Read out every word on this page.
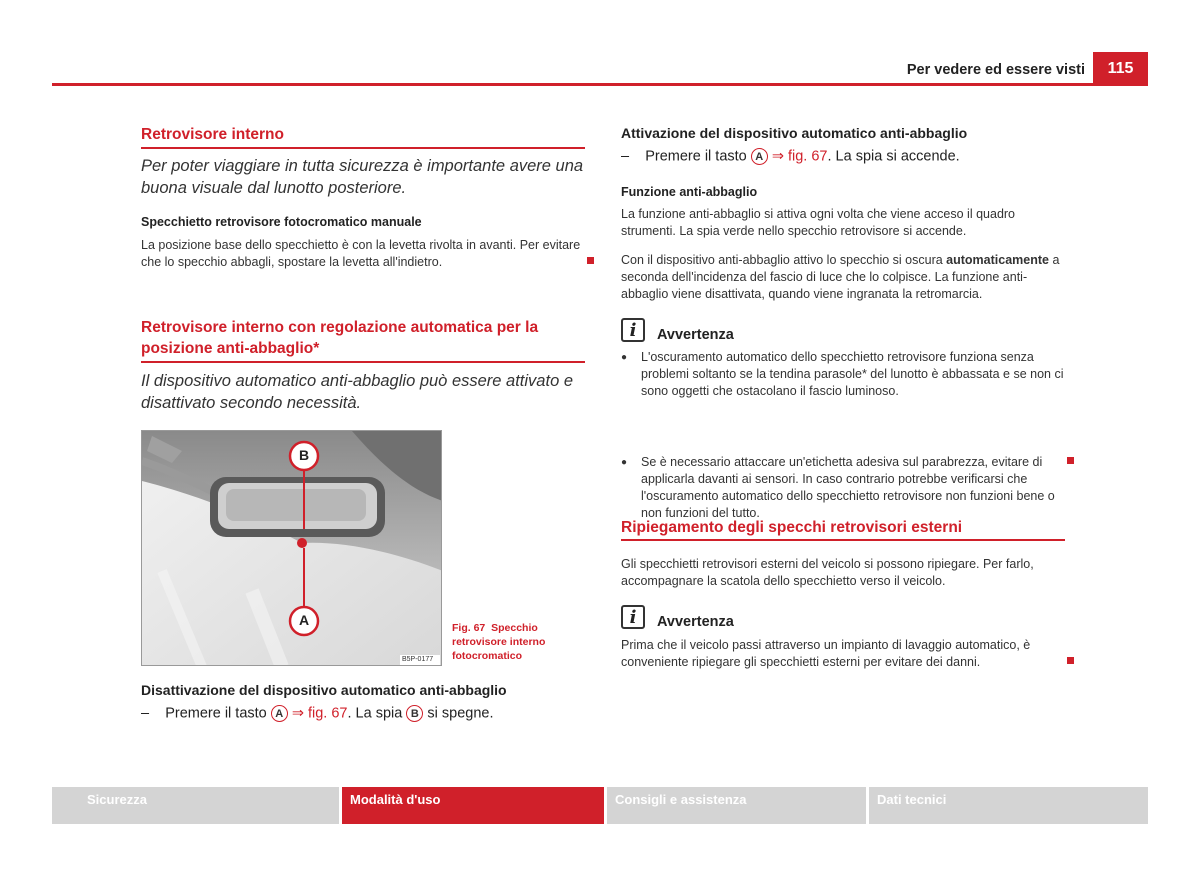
Per vedere ed essere visti	115
Retrovisore interno
Per poter viaggiare in tutta sicurezza è importante avere una buona visuale dal lunotto posteriore.
Specchietto retrovisore fotocromatico manuale
La posizione base dello specchietto è con la levetta rivolta in avanti. Per evitare che lo specchio abbagli, spostare la levetta all'indietro.
Retrovisore interno con regolazione automatica per la posizione anti-abbaglio*
Il dispositivo automatico anti-abbaglio può essere attivato e disattivato secondo necessità.
B
A
B5P-0177
Fig. 67 Specchio retrovisore interno fotocromatico
Disattivazione del dispositivo automatico anti-abbaglio
– Premere il tasto A ⇒ fig. 67. La spia B si spegne.
Attivazione del dispositivo automatico anti-abbaglio
– Premere il tasto A ⇒ fig. 67. La spia si accende.
Funzione anti-abbaglio
La funzione anti-abbaglio si attiva ogni volta che viene acceso il quadro strumenti. La spia verde nello specchio retrovisore si accende.
Con il dispositivo anti-abbaglio attivo lo specchio si oscura automaticamente a seconda dell'incidenza del fascio di luce che lo colpisce. La funzione anti-abbaglio viene disattivata, quando viene ingranata la retromarcia.
i	Avvertenza
● L'oscuramento automatico dello specchietto retrovisore funziona senza problemi soltanto se la tendina parasole* del lunotto è abbassata e se non ci sono oggetti che ostacolano il fascio luminoso.
● Se è necessario attaccare un'etichetta adesiva sul parabrezza, evitare di applicarla davanti ai sensori. In caso contrario potrebbe verificarsi che l'oscuramento automatico dello specchietto retrovisore non funzioni bene o non funzioni del tutto.
Ripiegamento degli specchi retrovisori esterni
Gli specchietti retrovisori esterni del veicolo si possono ripiegare. Per farlo, accompagnare la scatola dello specchietto verso il veicolo.
i	Avvertenza
Prima che il veicolo passi attraverso un impianto di lavaggio automatico, è conveniente ripiegare gli specchietti esterni per evitare dei danni.
Sicurezza	Modalità d'uso	Consigli e assistenza	Dati tecnici
